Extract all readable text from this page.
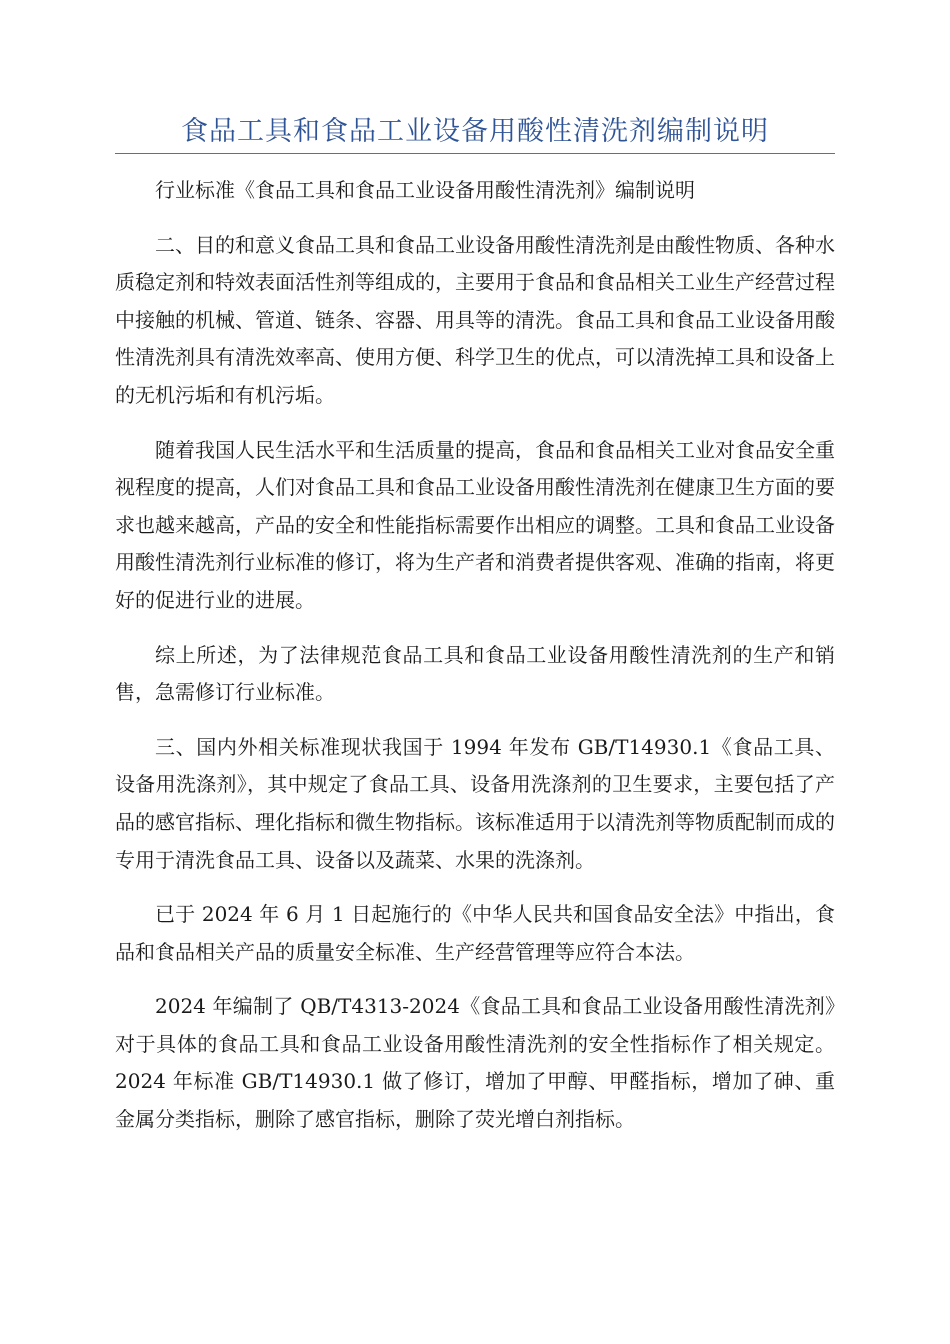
食品工具和食品工业设备用酸性清洗剂编制说明

行业标准《食品工具和食品工业设备用酸性清洗剂》编制说明

二、目的和意义食品工具和食品工业设备用酸性清洗剂是由酸性物质、各种水质稳定剂和特效表面活性剂等组成的，主要用于食品和食品相关工业生产经营过程中接触的机械、管道、链条、容器、用具等的清洗。食品工具和食品工业设备用酸性清洗剂具有清洗效率高、使用方便、科学卫生的优点，可以清洗掉工具和设备上的无机污垢和有机污垢。

随着我国人民生活水平和生活质量的提高，食品和食品相关工业对食品安全重视程度的提高，人们对食品工具和食品工业设备用酸性清洗剂在健康卫生方面的要求也越来越高，产品的安全和性能指标需要作出相应的调整。工具和食品工业设备用酸性清洗剂行业标准的修订，将为生产者和消费者提供客观、准确的指南，将更好的促进行业的进展。

综上所述，为了法律规范食品工具和食品工业设备用酸性清洗剂的生产和销售，急需修订行业标准。

三、国内外相关标准现状我国于 1994 年发布 GB/T14930.1《食品工具、设备用洗涤剂》，其中规定了食品工具、设备用洗涤剂的卫生要求，主要包括了产品的感官指标、理化指标和微生物指标。该标准适用于以清洗剂等物质配制而成的专用于清洗食品工具、设备以及蔬菜、水果的洗涤剂。

已于 2024 年 6 月 1 日起施行的《中华人民共和国食品安全法》中指出，食品和食品相关产品的质量安全标准、生产经营管理等应符合本法。

2024 年编制了 QB/T4313-2024《食品工具和食品工业设备用酸性清洗剂》对于具体的食品工具和食品工业设备用酸性清洗剂的安全性指标作了相关规定。2024 年标准 GB/T14930.1 做了修订，增加了甲醇、甲醛指标，增加了砷、重金属分类指标，删除了感官指标，删除了荧光增白剂指标。
